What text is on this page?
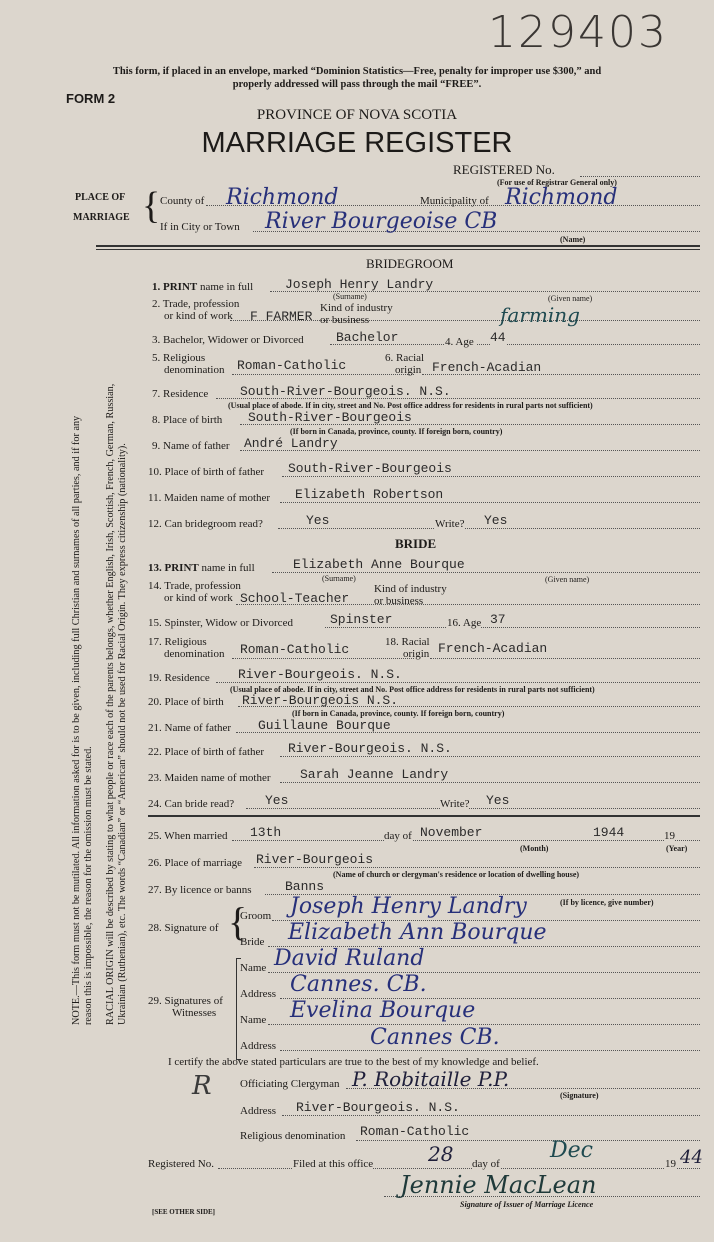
129403
This form, if placed in an envelope, marked “Dominion Statistics—Free, penalty for improper use $300,” and
properly addressed will pass through the mail “FREE”.
FORM 2
PROVINCE OF NOVA SCOTIA
MARRIAGE REGISTER
REGISTERED No.
(For use of Registrar General only)
PLACE OF
MARRIAGE { County of Richmond	Municipality of Richmond
If in City or Town River Bourgeoise CB
(Name)
NOTE.—This form must not be mutilated. All information asked for is to be given, including full Christian and surnames of all parties, and if for any reason this is impossible, the reason for the omission must be stated. RACIAL ORIGIN will be described by stating to what people or race each of the parents belongs, whether English, Irish, Scottish, French, German, Russian, Ukrainian (Ruthenian), etc. The words “Canadian” or “American” should not be used for Racial Origin. They express citizenship (nationality).
BRIDEGROOM
1. PRINT name in full Joseph Henry Landry
(Surname)	(Given name)
2. Trade, profession
or kind of work F FARMER
Kind of industry
or business	farming
3. Bachelor, Widower or Divorced Bachelor	4. Age 44
5. Religious
denomination Roman-Catholic	6. Racial
origin French-Acadian
7. Residence South-River-Bourgeois. N.S.
(Usual place of abode. If in city, street and No. Post office address for residents in rural parts not sufficient)
8. Place of birth South-River-Bourgeois
(If born in Canada, province, county. If foreign born, country)
9. Name of father André Landry
10. Place of birth of father South-River-Bourgeois
11. Maiden name of mother Elizabeth Robertson
12. Can bridegroom read?	Yes	Write? Yes
BRIDE
13. PRINT name in full	Elizabeth Anne Bourque
(Surname)	(Given name)
14. Trade, profession
or kind of work School-Teacher
Kind of industry
or business
15. Spinster, Widow or Divorced	Spinster	16. Age 37
17. Religious
denomination Roman-Catholic	18. Racial
origin French-Acadian
19. Residence River-Bourgeois. N.S.
(Usual place of abode. If in city, street and No. Post office address for residents in rural parts not sufficient)
20. Place of birth River-Bourgeois N.S.
(If born in Canada, province, county. If foreign born, country)
21. Name of father Guillaune Bourque
22. Place of birth of father River-Bourgeois. N.S.
23. Maiden name of mother Sarah Jeanne Landry
24. Can bride read? Yes	Write? Yes
25. When married 13th	day of November	1944	19
(Month)	(Year)
26. Place of marriage River-Bourgeois
(Name of church or clergyman's residence or location of dwelling house)
27. By licence or banns	Banns
(If by licence, give number)
28. Signature of {
Groom Joseph Henry Landry
Bride Elizabeth Ann Bourque
29. Signatures of
Witnesses
Name David Ruland
Address Cannes. CB.
Name Evelina Bourque
Address	Cannes CB.
I certify the above stated particulars are true to the best of my knowledge and belief.
Officiating Clergyman P. Robitaille P.P.
(Signature)
R
Address River-Bourgeois. N.S.
Religious denomination Roman-Catholic
Registered No.	Filed at this office	28 day of
Dec
19 44
Jennie MacLean
Signature of Issuer of Marriage Licence
[SEE OTHER SIDE]
